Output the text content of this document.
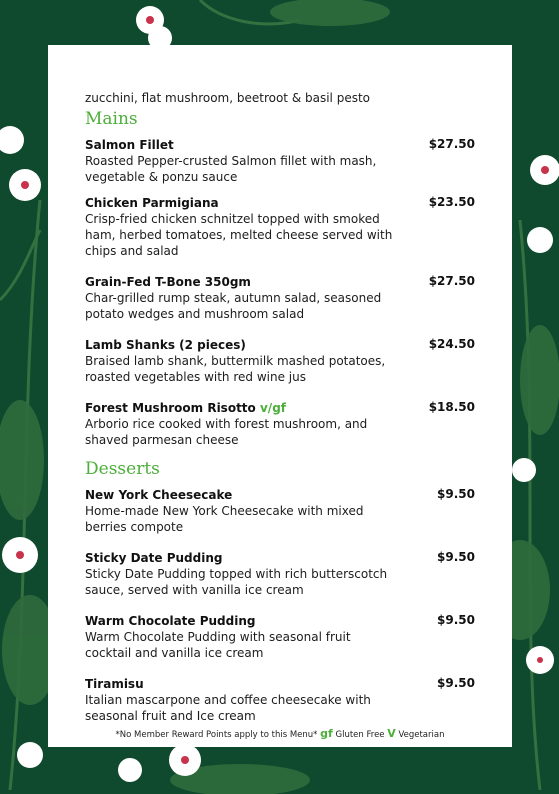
zucchini, flat mushroom, beetroot & basil pesto
Mains
Salmon Fillet	$27.50
Roasted Pepper-crusted Salmon fillet with mash, vegetable & ponzu sauce
Chicken Parmigiana	$23.50
Crisp-fried chicken schnitzel topped with smoked ham, herbed tomatoes, melted cheese served with chips and salad
Grain-Fed T-Bone 350gm	$27.50
Char-grilled rump steak, autumn salad, seasoned potato wedges and mushroom salad
Lamb Shanks (2 pieces)	$24.50
Braised lamb shank, buttermilk mashed potatoes, roasted vegetables with red wine jus
Forest Mushroom Risotto v/gf	$18.50
Arborio rice cooked with forest mushroom, and shaved parmesan cheese
Desserts
New York Cheesecake	$9.50
Home-made New York Cheesecake with mixed berries compote
Sticky Date Pudding	$9.50
Sticky Date Pudding topped with rich butterscotch sauce, served with vanilla ice cream
Warm Chocolate Pudding	$9.50
Warm Chocolate Pudding with seasonal fruit cocktail and vanilla ice cream
Tiramisu	$9.50
Italian mascarpone and coffee cheesecake with seasonal fruit and Ice cream
*No Member Reward Points apply to this Menu* gf Gluten Free V Vegetarian
